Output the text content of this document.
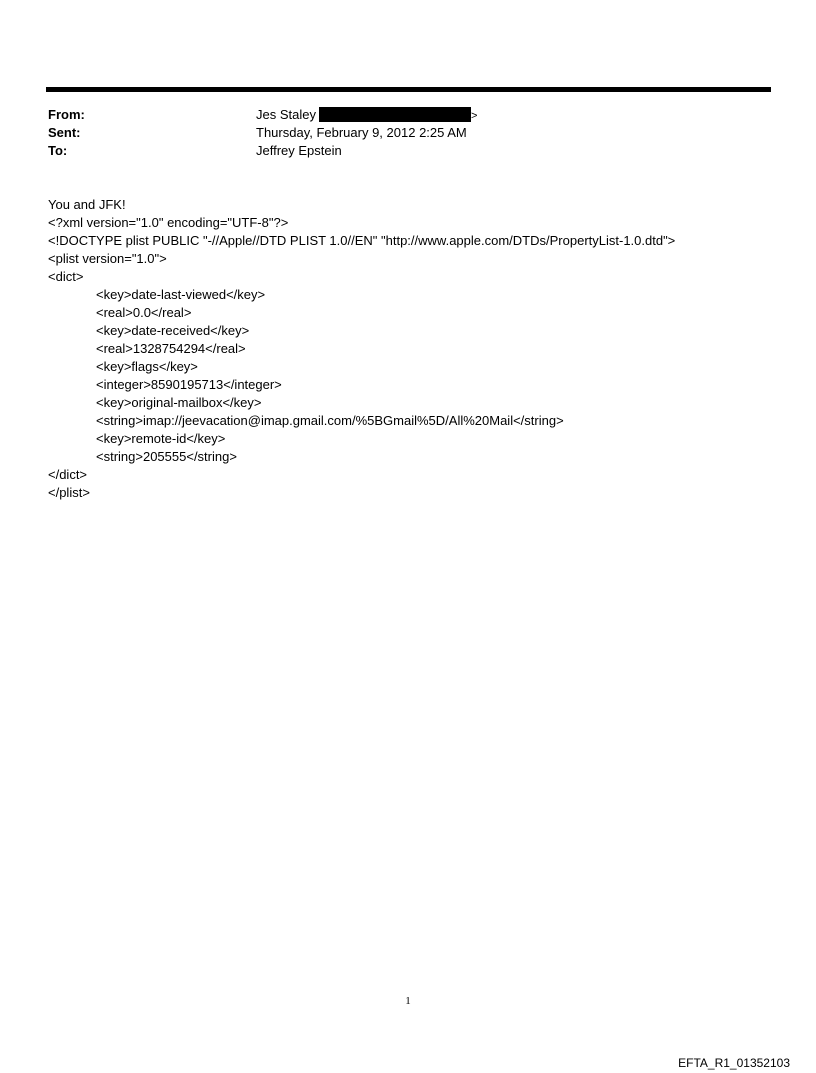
From:	Jes Staley	>
Sent:	Thursday, February 9, 2012 2:25 AM
To:	Jeffrey Epstein
You and JFK!
<?xml version="1.0" encoding="UTF-8"?>
<!DOCTYPE plist PUBLIC "-//Apple//DTD PLIST 1.0//EN" "http://www.apple.com/DTDs/PropertyList-1.0.dtd">
<plist version="1.0">
<dict>
<key>date-last-viewed</key>
<real>0.0</real>
<key>date-received</key>
<real>1328754294</real>
<key>flags</key>
<integer>8590195713</integer>
<key>original-mailbox</key>
<string>imap://jeevacation@imap.gmail.com/%5BGmail%5D/All%20Mail</string>
<key>remote-id</key>
<string>205555</string>
</dict>
</plist>
1
EFTA_R1_01352103
